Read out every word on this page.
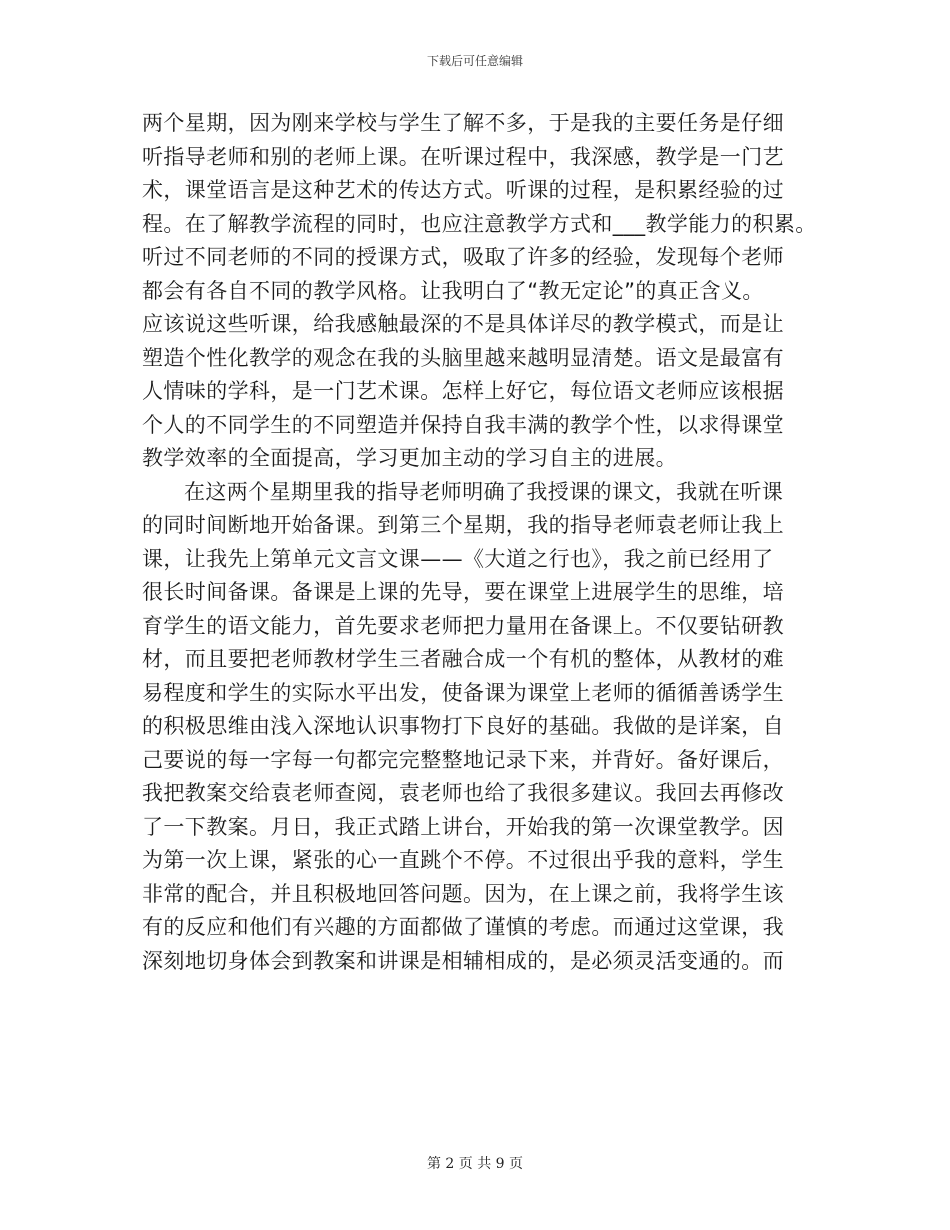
下载后可任意编辑
两个星期，因为刚来学校与学生了解不多，于是我的主要任务是仔细
听指导老师和别的老师上课。在听课过程中，我深感，教学是一门艺
术，课堂语言是这种艺术的传达方式。听课的过程，是积累经验的过
程。在了解教学流程的同时，也应注意教学方式和___教学能力的积累。
听过不同老师的不同的授课方式，吸取了许多的经验，发现每个老师
都会有各自不同的教学风格。让我明白了“教无定论”的真正含义。
应该说这些听课，给我感触最深的不是具体详尽的教学模式，而是让
塑造个性化教学的观念在我的头脑里越来越明显清楚。语文是最富有
人情味的学科，是一门艺术课。怎样上好它，每位语文老师应该根据
个人的不同学生的不同塑造并保持自我丰满的教学个性，以求得课堂
教学效率的全面提高，学习更加主动的学习自主的进展。
在这两个星期里我的指导老师明确了我授课的课文，我就在听课
的同时间断地开始备课。到第三个星期，我的指导老师袁老师让我上
课，让我先上第单元文言文课——《大道之行也》，我之前已经用了
很长时间备课。备课是上课的先导，要在课堂上进展学生的思维，培
育学生的语文能力，首先要求老师把力量用在备课上。不仅要钻研教
材，而且要把老师教材学生三者融合成一个有机的整体，从教材的难
易程度和学生的实际水平出发，使备课为课堂上老师的循循善诱学生
的积极思维由浅入深地认识事物打下良好的基础。我做的是详案，自
己要说的每一字每一句都完完整整地记录下来，并背好。备好课后，
我把教案交给袁老师查阅，袁老师也给了我很多建议。我回去再修改
了一下教案。月日，我正式踏上讲台，开始我的第一次课堂教学。因
为第一次上课，紧张的心一直跳个不停。不过很出乎我的意料，学生
非常的配合，并且积极地回答问题。因为，在上课之前，我将学生该
有的反应和他们有兴趣的方面都做了谨慎的考虑。而通过这堂课，我
深刻地切身体会到教案和讲课是相辅相成的，是必须灵活变通的。而
第 2 页 共 9 页
